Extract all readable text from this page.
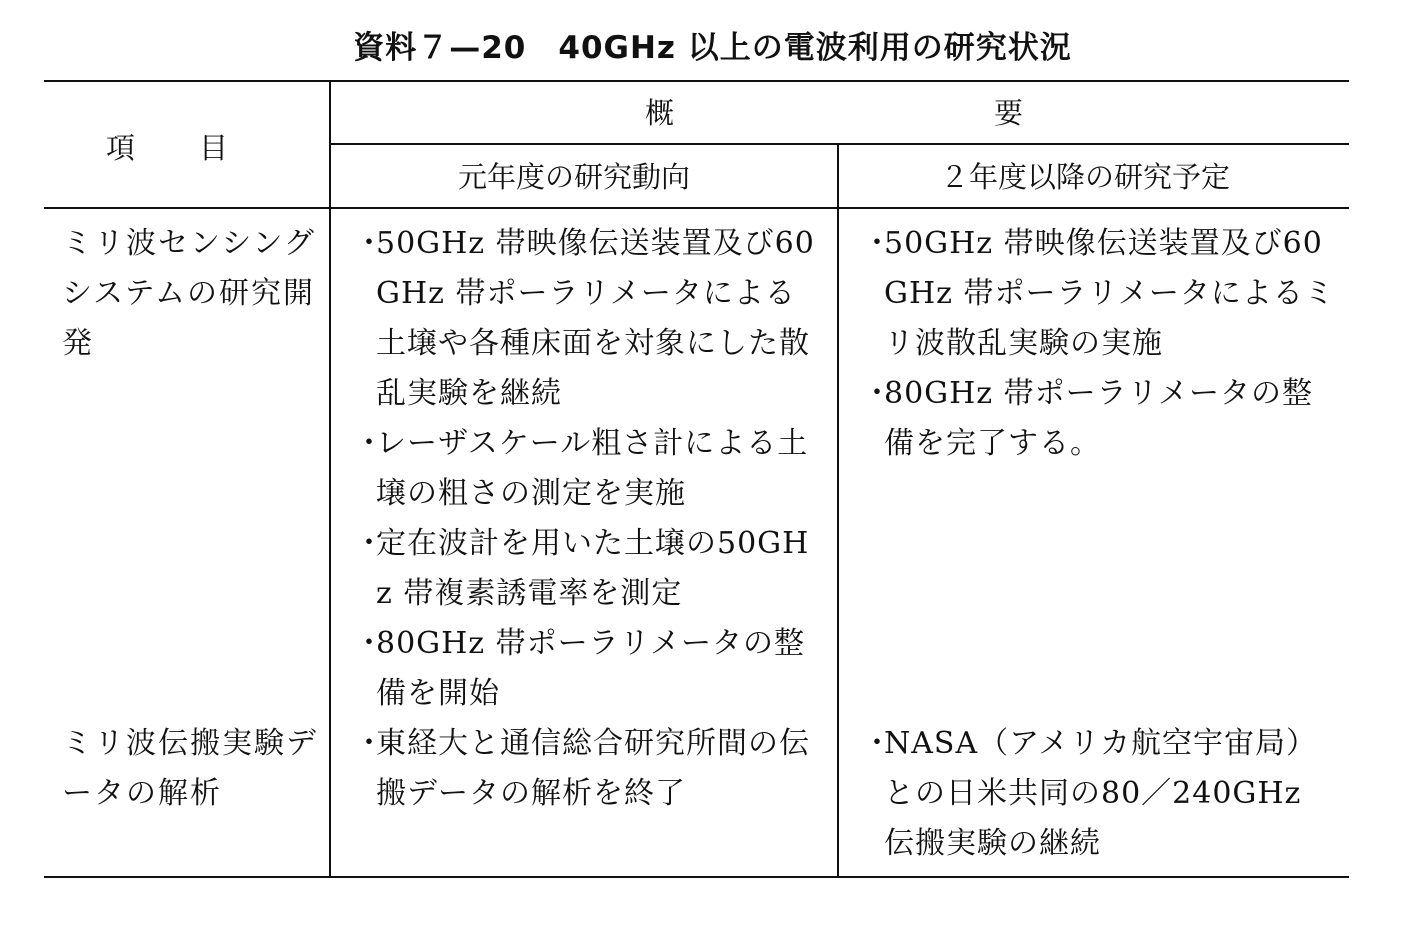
資料７—20　40GHz 以上の電波利用の研究状況
項　　目
概	要
元年度の研究動向	２年度以降の研究予定
ミリ波センシングシステムの研究開発
・
50GHz 帯映像伝送装置及び60GHz 帯ポーラリメータによる土壌や各種床面を対象にした散乱実験を継続
・
レーザスケール粗さ計による土壌の粗さの測定を実施
・
定在波計を用いた土壌の50GHz 帯複素誘電率を測定
・
80GHz 帯ポーラリメータの整備を開始
・
50GHz 帯映像伝送装置及び60GHz 帯ポーラリメータによるミリ波散乱実験の実施
・
80GHz 帯ポーラリメータの整備を完了する。
ミリ波伝搬実験データの解析
・
東経大と通信総合研究所間の伝搬データの解析を終了
・
NASA（アメリカ航空宇宙局）との日米共同の80／240GHz 伝搬実験の継続
